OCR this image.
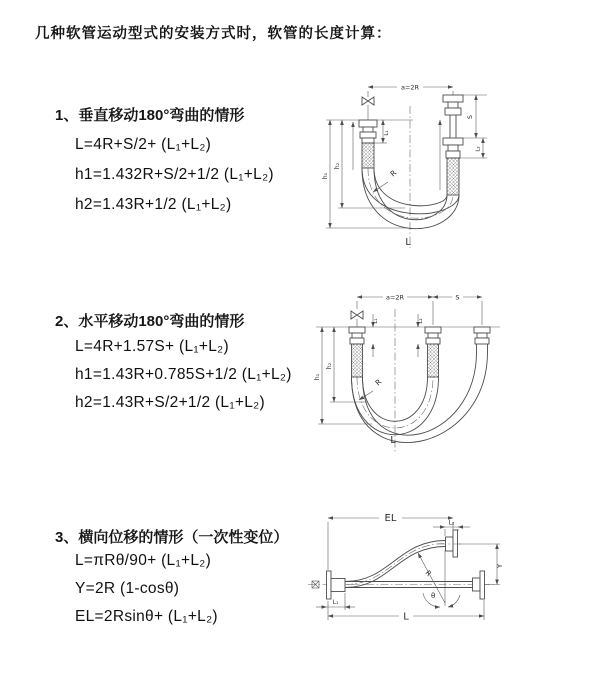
几种软管运动型式的安装方式时，软管的长度计算：
1、垂直移动180°弯曲的情形
L=4R+S/2+ (L₁+L₂)
h1=1.432R+S/2+1/2 (L₁+L₂)
h2=1.43R+1/2 (L₁+L₂)
2、水平移动180°弯曲的情形
L=4R+1.57S+ (L₁+L₂)
h1=1.43R+0.785S+1/2 (L₁+L₂)
h2=1.43R+S/2+1/2 (L₁+L₂)
3、横向位移的情形（一次性变位）
L=πRθ/90+ (L₁+L₂)
Y=2R (1-cosθ)
EL=2Rsinθ+ (L₁+L₂)
a=2R
L₁
S
L₂
h₂
h₁	R
L
a=2R	S
L₁	L₂
h₂
h₁
R
L
EL	L₂
Y
R
θ
L
L₁
